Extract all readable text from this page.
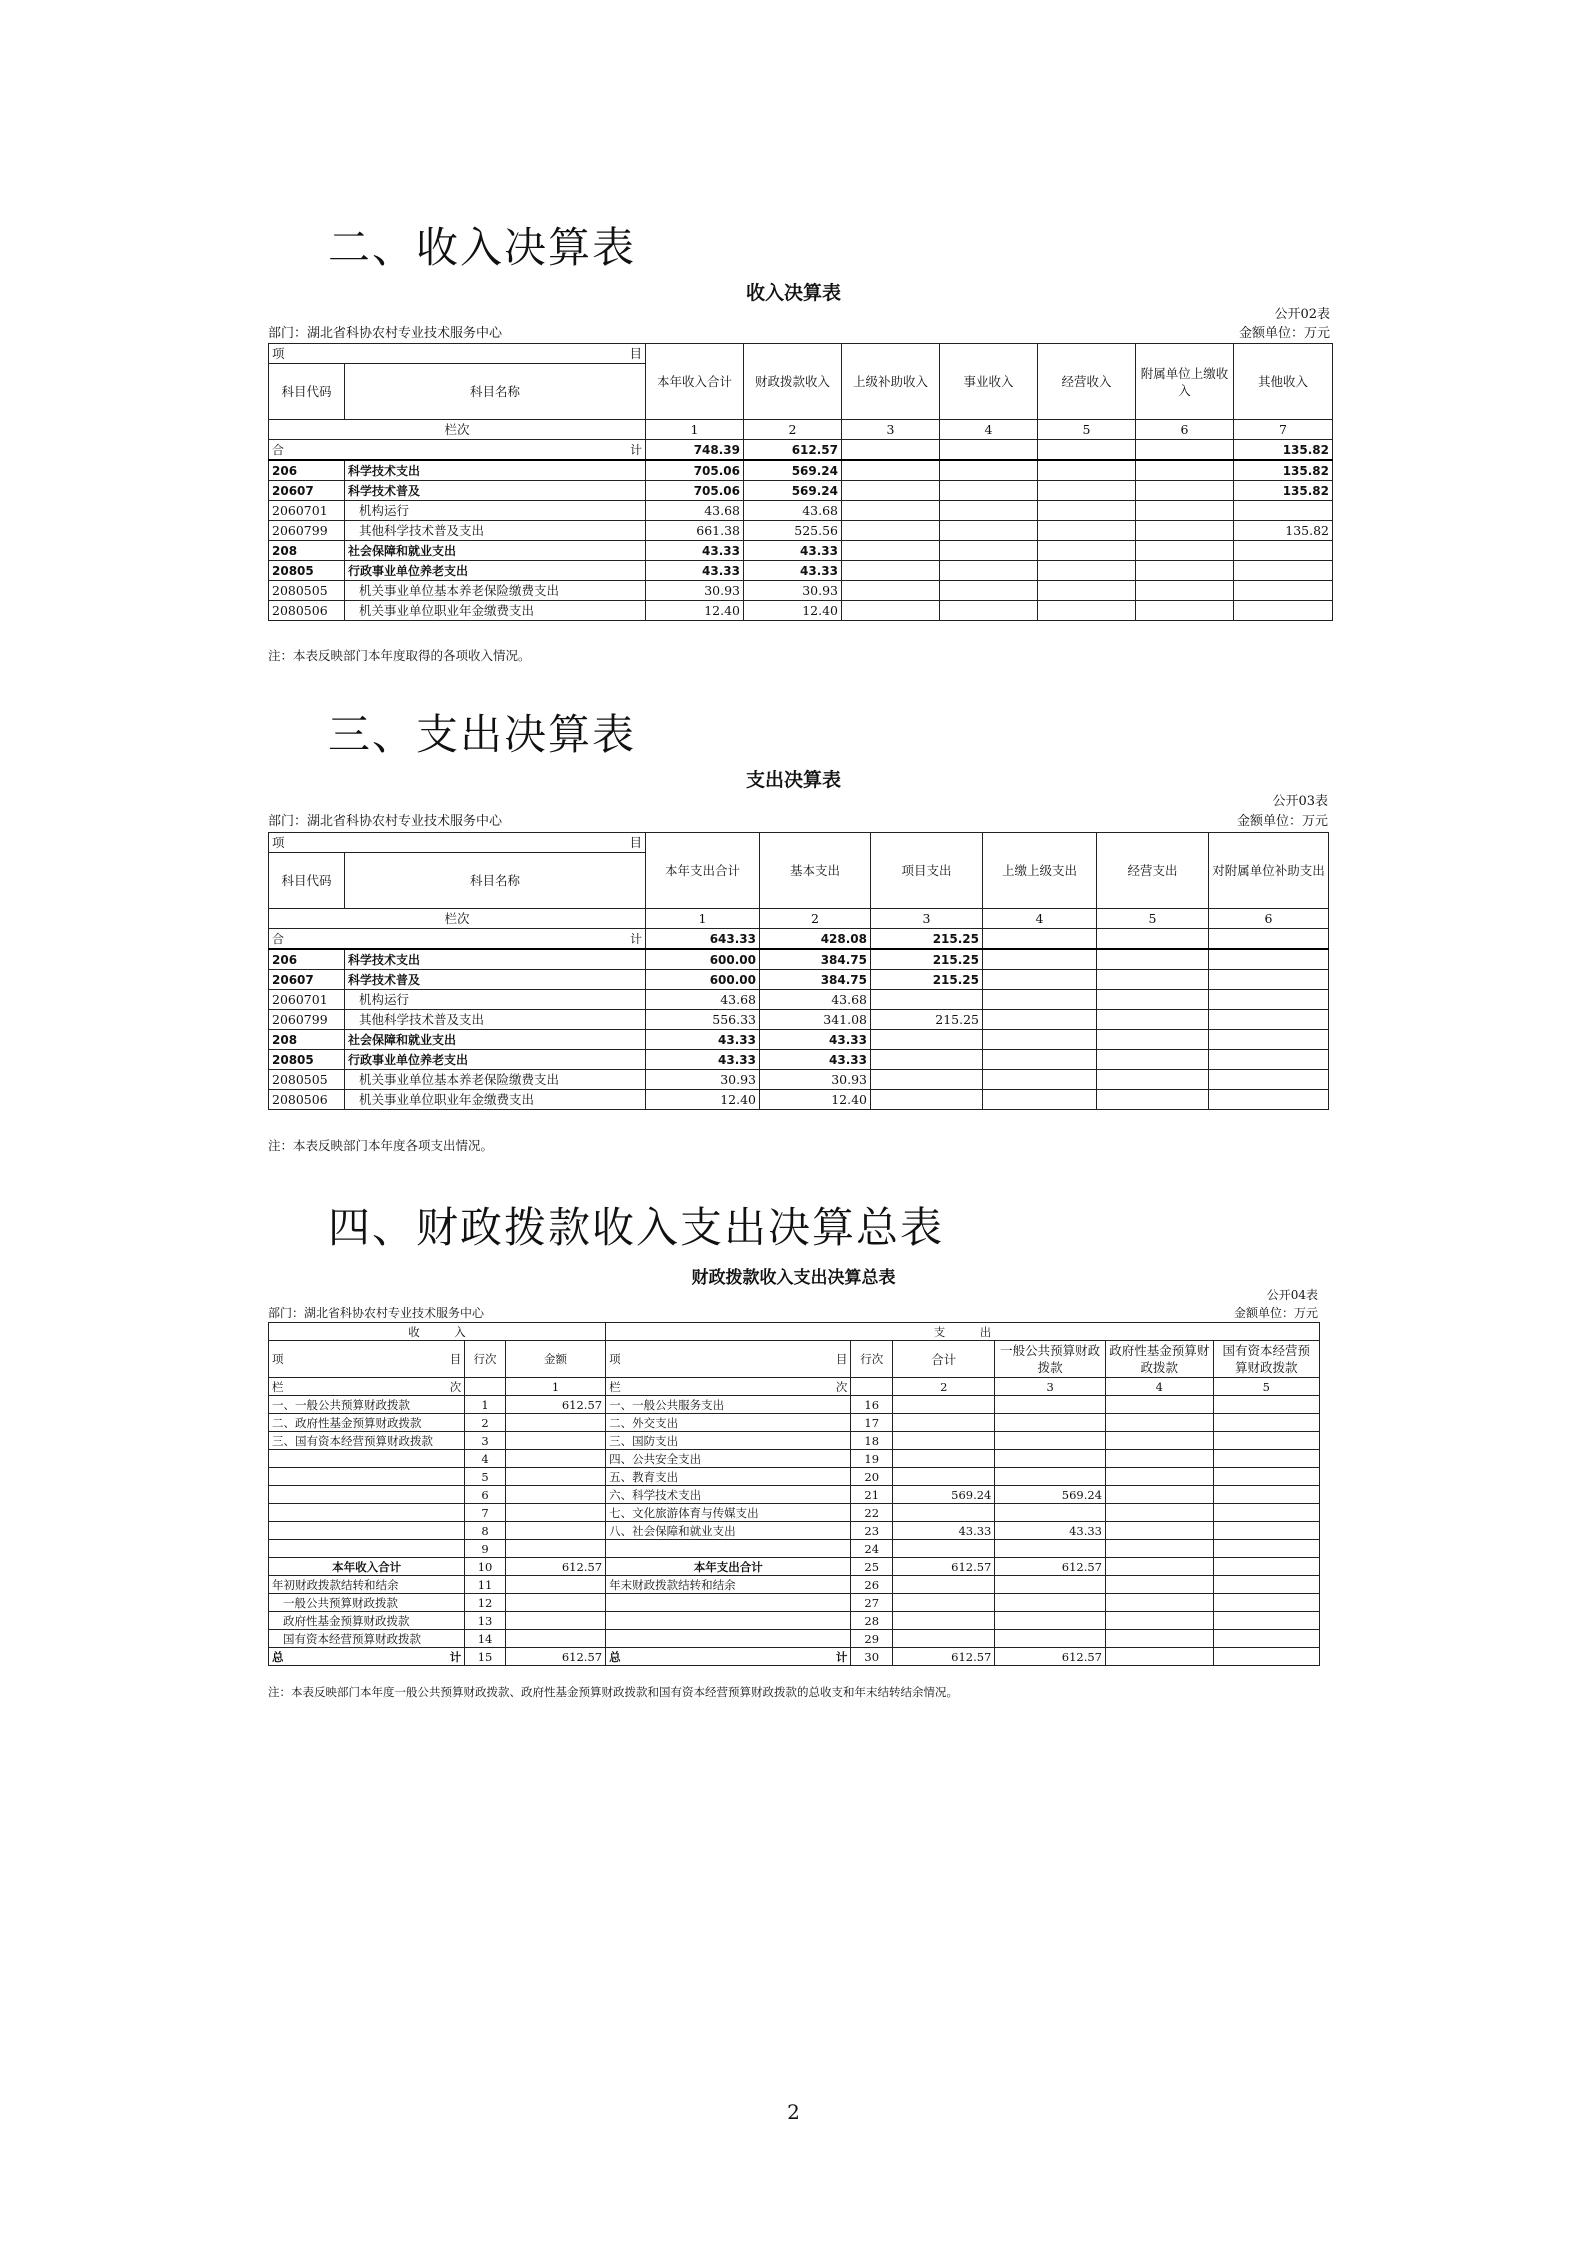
二、收入决算表
收入决算表
公开02表
部门：湖北省科协农村专业技术服务中心	金额单位：万元
项 目		本年收入合计	财政拨款收入	上级补助收入	事业收入	经营收入	附属单位上缴收入	其他收入
科目代码	科目名称							
栏次		1	2	3	4	5	6	7

合 计		748.39	612.57					135.82
206	科学技术支出	705.06	569.24					135.82
20607	科学技术普及	705.06	569.24					135.82
2060701	机构运行	43.68	43.68					
2060799	其他科学技术普及支出	661.38	525.56					135.82
208	社会保障和就业支出	43.33	43.33					
20805	行政事业单位养老支出	43.33	43.33					
2080505	机关事业单位基本养老保险缴费支出	30.93	30.93					
2080506	机关事业单位职业年金缴费支出	12.40	12.40					
注：本表反映部门本年度取得的各项收入情况。
三、支出决算表
支出决算表
公开03表
部门：湖北省科协农村专业技术服务中心	金额单位：万元
项 目		本年支出合计	基本支出	项目支出	上缴上级支出	经营支出	对附属单位补助支出
科目代码	科目名称						
栏次		1	2	3	4	5	6

合 计		643.33	428.08	215.25			
206	科学技术支出	600.00	384.75	215.25			
20607	科学技术普及	600.00	384.75	215.25			
2060701	机构运行	43.68	43.68				
2060799	其他科学技术普及支出	556.33	341.08	215.25			
208	社会保障和就业支出	43.33	43.33				
20805	行政事业单位养老支出	43.33	43.33				
2080505	机关事业单位基本养老保险缴费支出	30.93	30.93				
2080506	机关事业单位职业年金缴费支出	12.40	12.40				
注：本表反映部门本年度各项支出情况。
四、财政拨款收入支出决算总表
财政拨款收入支出决算总表
公开04表
部门：湖北省科协农村专业技术服务中心	金额单位：万元
收　　　入			支　　　出					

项 目	行次	金额	项 目	行次	合计	一般公共预算财政拨款	政府性基金预算财政拨款	国有资本经营预算财政拨款

栏 次		1	栏 次		2	3	4	5
一、一般公共预算财政拨款	1	612.57	一、一般公共服务支出	16				
二、政府性基金预算财政拨款	2		二、外交支出	17				
三、国有资本经营预算财政拨款	3		三、国防支出	18				
	4		四、公共安全支出	19				
	5		五、教育支出	20				
	6		六、科学技术支出	21	569.24	569.24		
	7		七、文化旅游体育与传媒支出	22				
	8		八、社会保障和就业支出	23	43.33	43.33		
	9			24				
本年收入合计	10	612.57	本年支出合计	25	612.57	612.57		
年初财政拨款结转和结余	11		年末财政拨款结转和结余	26				
一般公共预算财政拨款	12			27				
政府性基金预算财政拨款	13			28				
国有资本经营预算财政拨款	14			29				

总 计	15	612.57	总 计	30	612.57	612.57		
注：本表反映部门本年度一般公共预算财政拨款、政府性基金预算财政拨款和国有资本经营预算财政拨款的总收支和年末结转结余情况。
2
